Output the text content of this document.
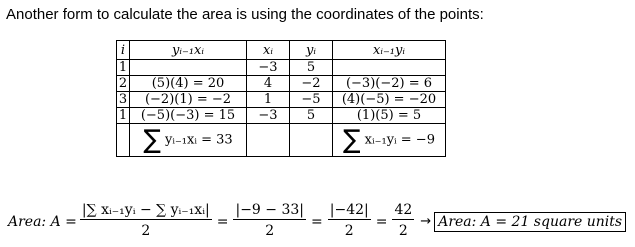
Another form to calculate the area is using the coordinates of the points:
i	yᵢ₋₁xᵢ	xᵢ	yᵢ	xᵢ₋₁yᵢ
1		−3	5	
2	(5)(4) = 20	4	−2	(−3)(−2) = 6
3	(−2)(1) = −2	1	−5	(4)(−5) = −20
1	(−5)(−3) = 15	−3	5	(1)(5) = 5
	∑ yᵢ₋₁xᵢ = 33			∑ xᵢ₋₁yᵢ = −9
Area: $A = \frac{\text{|∑ xᵢ₋₁yᵢ − ∑ yᵢ₋₁xᵢ|}}{2} = \frac{|-9 - 33|}{2} = \frac{|-42|}{2} = \frac{42}{2}$ → Area: A = 21 square units
